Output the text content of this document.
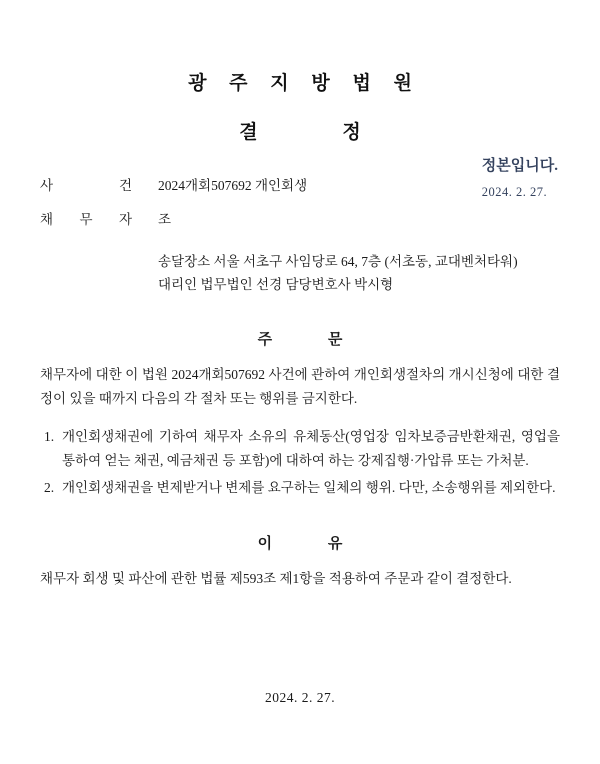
광 주 지 방 법 원
결 정
정본입니다.
2024. 2. 27.
사	건 2024개회507692 개인회생
채 무 자 조
송달장소 서울 서초구 사임당로 64, 7층 (서초동, 교대벤처타워)
대리인 법무법인 선경 담당변호사 박시형
주 문

채무자에 대한 이 법원 2024개회507692 사건에 관하여 개인회생절차의 개시신청에 대한 결정이 있을 때까지 다음의 각 절차 또는 행위를 금지한다.

1. 개인회생채권에 기하여 채무자 소유의 유체동산(영업장 임차보증금반환채권, 영업을 통하여 얻는 채권, 예금채권 등 포함)에 대하여 하는 강제집행·가압류 또는 가처분.
2. 개인회생채권을 변제받거나 변제를 요구하는 일체의 행위. 다만, 소송행위를 제외한다.
이 유

채무자 회생 및 파산에 관한 법률 제593조 제1항을 적용하여 주문과 같이 결정한다.

2024. 2. 27.
